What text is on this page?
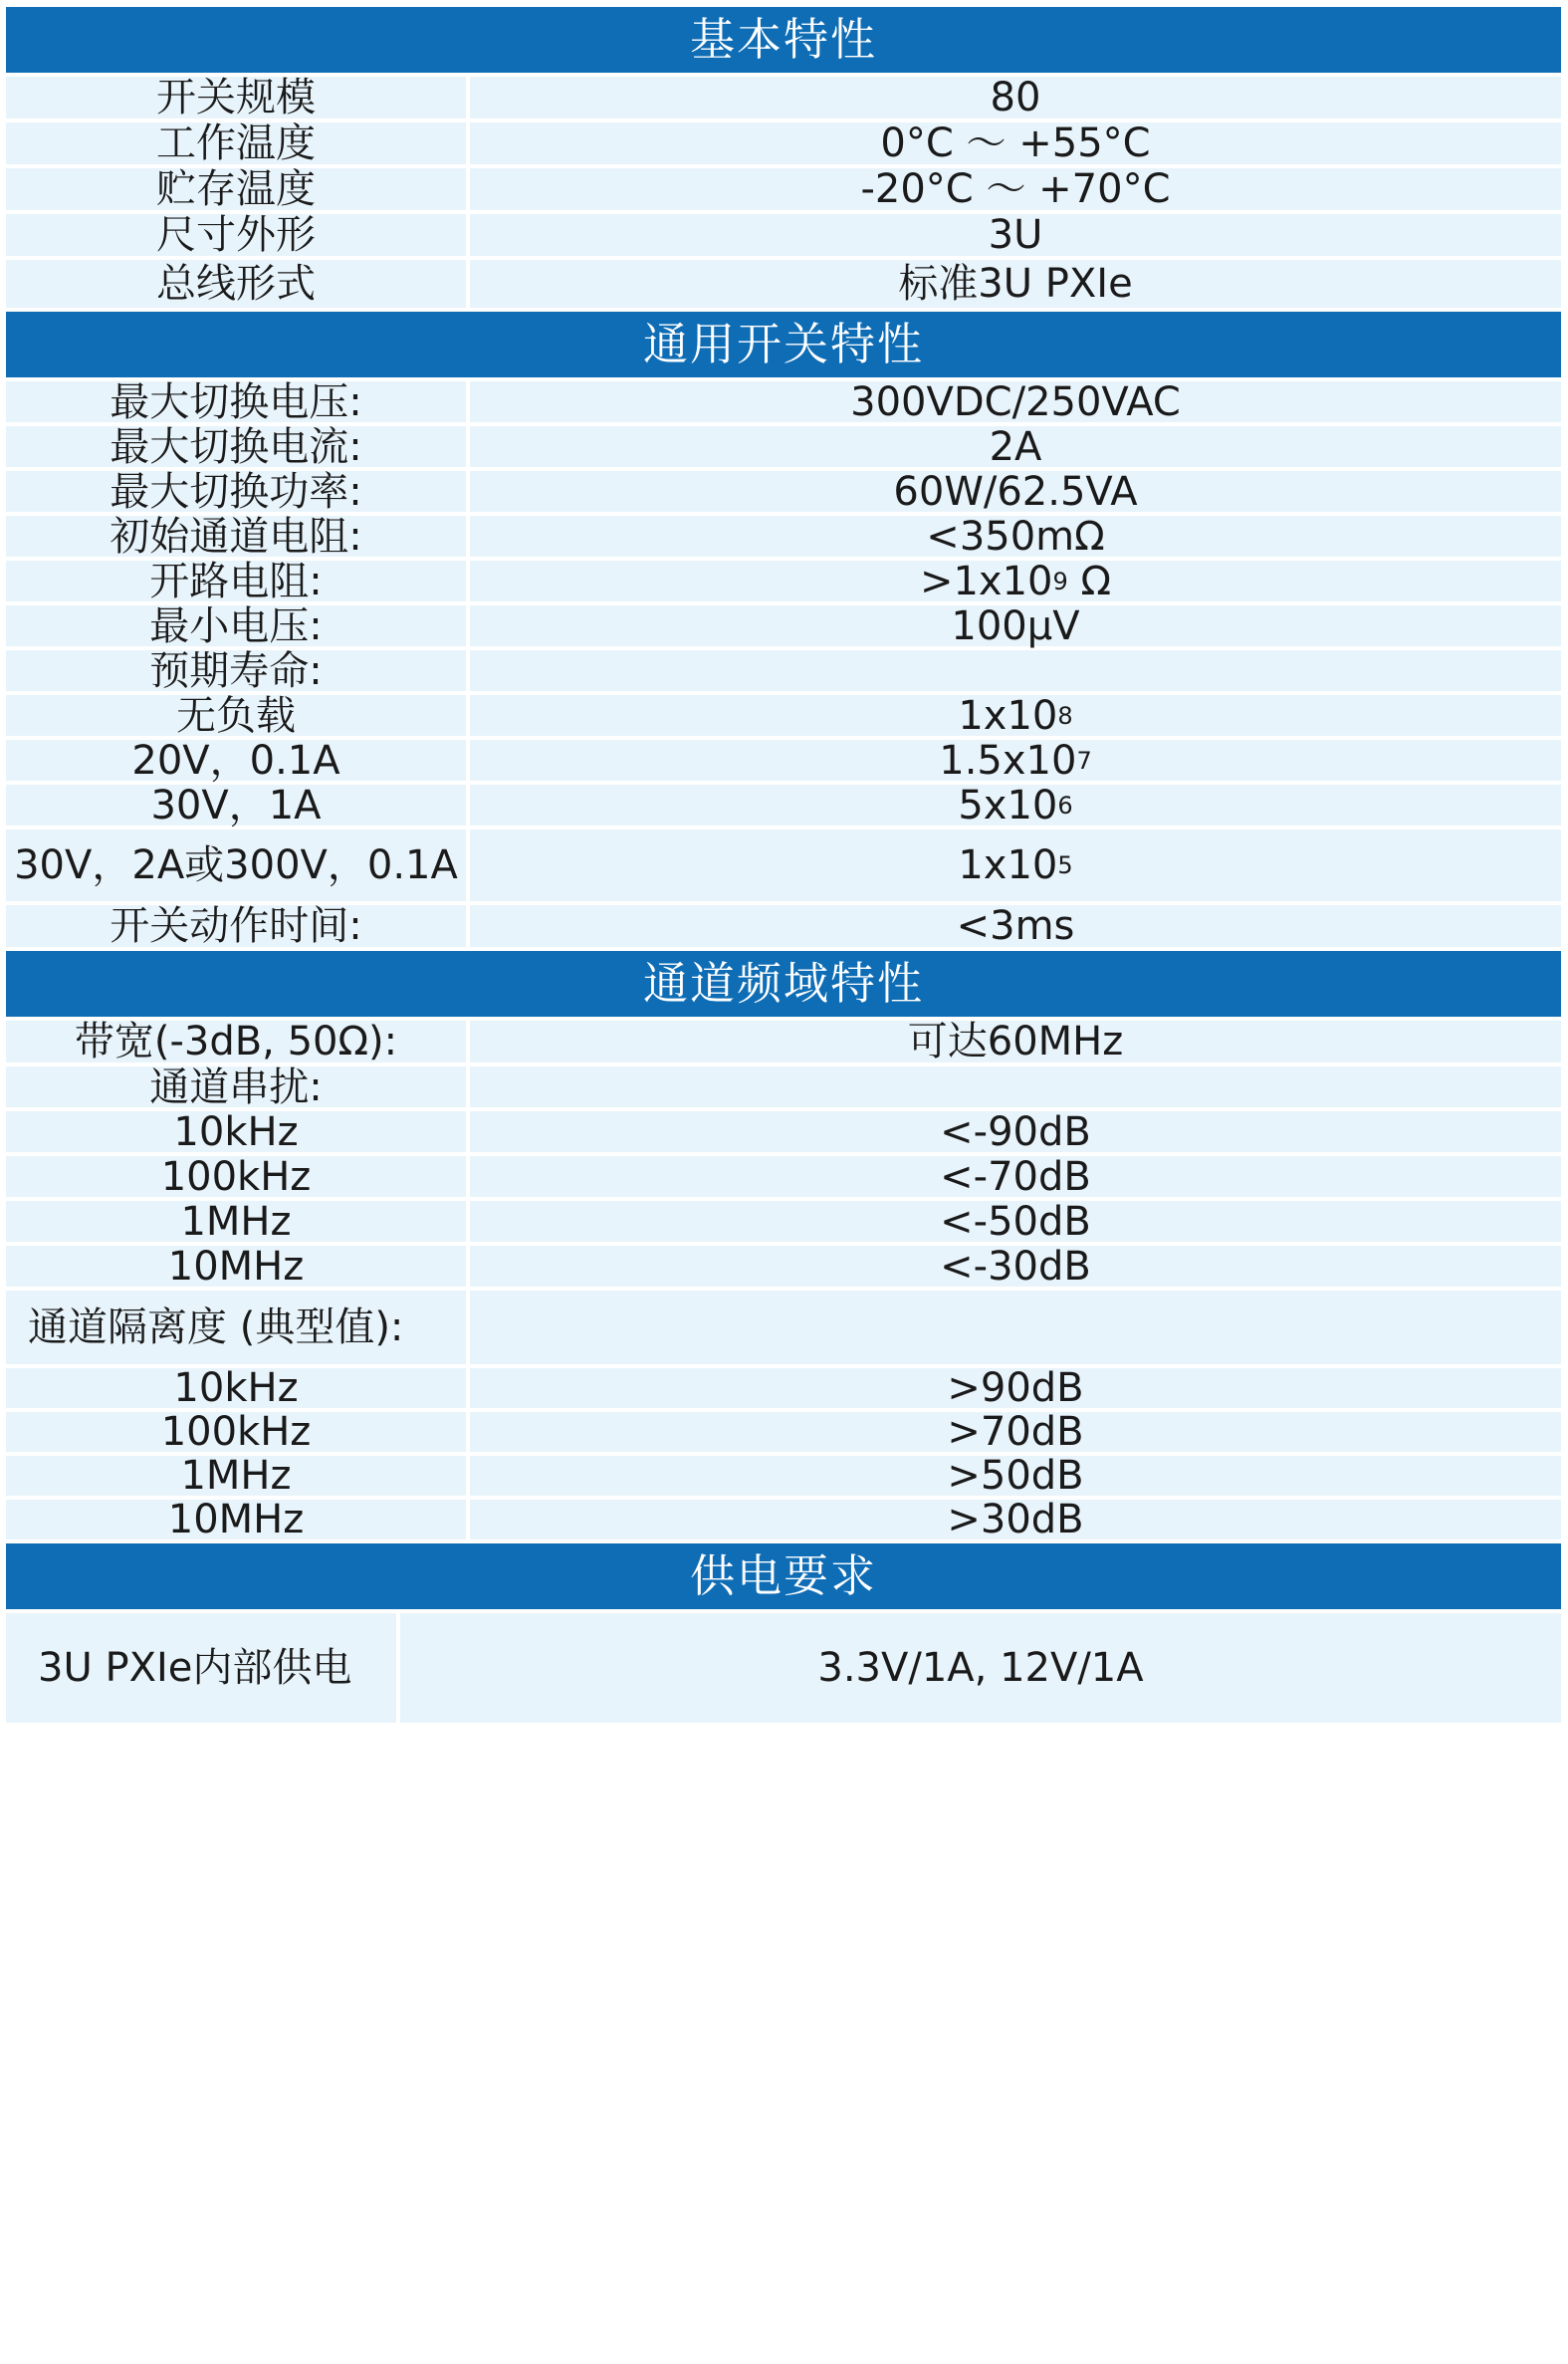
基本特性
开关规模	80
工作温度	0°C ～ +55°C
贮存温度	-20°C ～ +70°C
尺寸外形	3U
总线形式	标准3U PXIe
通用开关特性
最大切换电压:	300VDC/250VAC
最大切换电流:	2A
最大切换功率:	60W/62.5VA
初始通道电阻:	<350mΩ
开路电阻:	>1x10 9 Ω
最小电压:	100μV
预期寿命:
无负载	1x10 8
20V，0.1A	1.5x10 7
30V，1A	5x10 6
30V，2A或300V，0.1A	1x10 5
开关动作时间:	<3ms
通道频域特性
带宽(-3dB, 50Ω):	可达60MHz
通道串扰:
10kHz	<-90dB
100kHz	<-70dB
1MHz	<-50dB
10MHz	<-30dB
通道隔离度 (典型值):
10kHz	>90dB
100kHz	>70dB
1MHz	>50dB
10MHz	>30dB
供电要求
3U PXIe内部供电	3.3V/1A, 12V/1A
